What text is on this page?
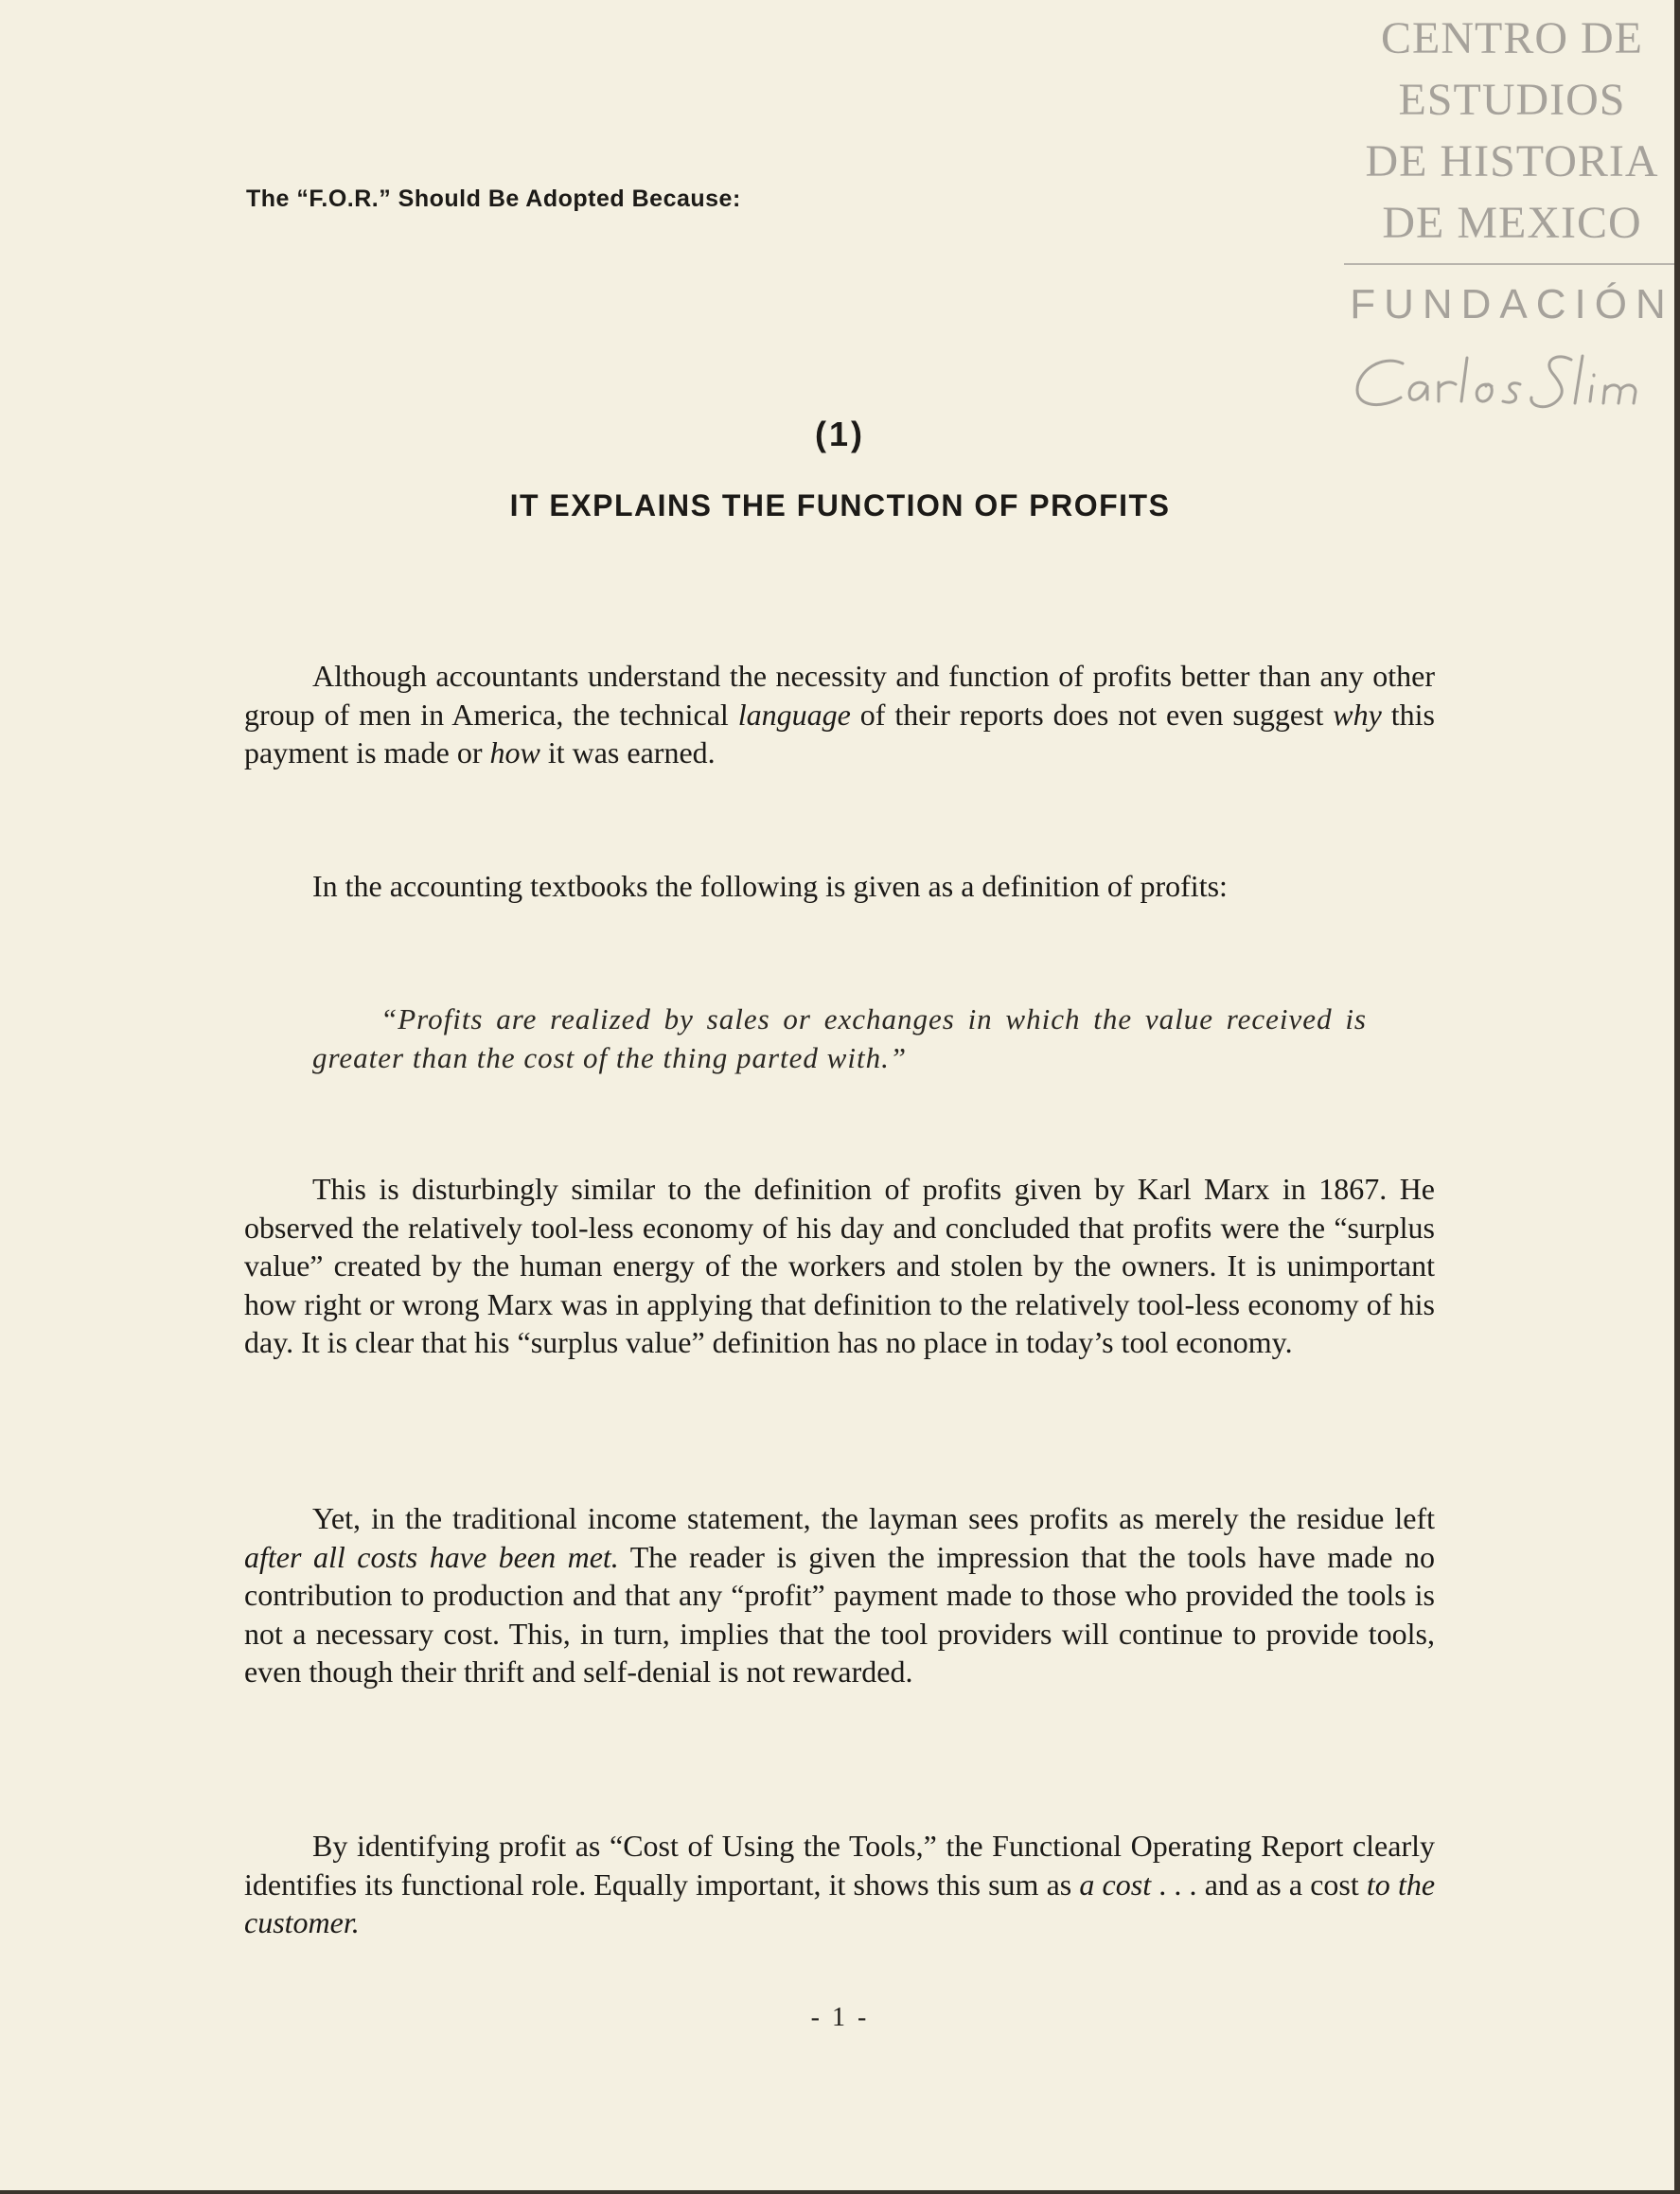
CENTRO DE
ESTUDIOS
DE HISTORIA
DE MEXICO
FUNDACIÓN
The “F.O.R.” Should Be Adopted Because:
(1)
IT EXPLAINS THE FUNCTION OF PROFITS

Although accountants understand the necessity and function of profits better than any other group of men in America, the technical language of their reports does not even suggest why this payment is made or how it was earned.

In the accounting textbooks the following is given as a definition of profits:

“Profits are realized by sales or exchanges in which the value received is greater than the cost of the thing parted with.”

This is disturbingly similar to the definition of profits given by Karl Marx in 1867. He observed the relatively tool-less economy of his day and concluded that profits were the “surplus value” created by the human energy of the workers and stolen by the owners. It is unimportant how right or wrong Marx was in applying that definition to the relatively tool-less economy of his day. It is clear that his “surplus value” definition has no place in today’s tool economy.

Yet, in the traditional income statement, the layman sees profits as merely the residue left after all costs have been met. The reader is given the impression that the tools have made no contribution to production and that any “profit” payment made to those who provided the tools is not a necessary cost. This, in turn, implies that the tool providers will continue to provide tools, even though their thrift and self-denial is not rewarded.

By identifying profit as “Cost of Using the Tools,” the Functional Operating Report clearly identifies its functional role. Equally important, it shows this sum as a cost . . . and as a cost to the customer.

- 1 -
